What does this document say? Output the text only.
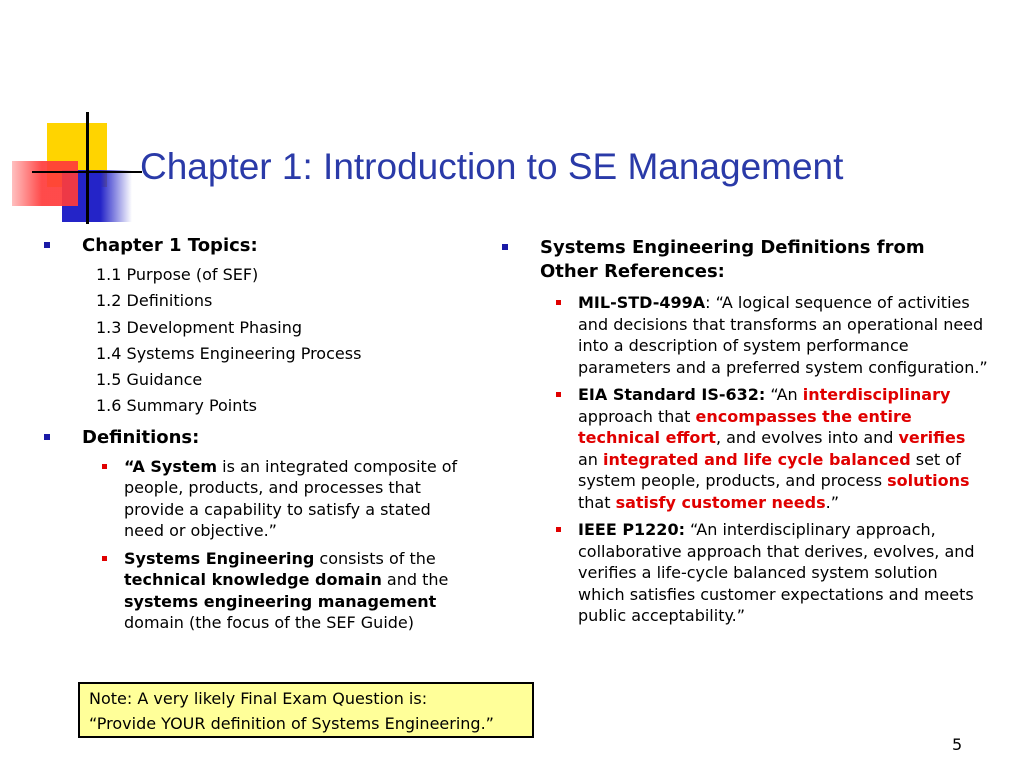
Chapter 1: Introduction to SE Management
Chapter 1 Topics:
1.1 Purpose (of SEF)
1.2 Definitions
1.3 Development Phasing
1.4 Systems Engineering Process
1.5 Guidance
1.6 Summary Points
Definitions:
“A System is an integrated composite of people, products, and processes that provide a capability to satisfy a stated need or objective.”
Systems Engineering consists of the technical knowledge domain and the systems engineering management domain (the focus of the SEF Guide)
Systems Engineering Definitions from Other References:
MIL-STD-499A: “A logical sequence of activities and decisions that transforms an operational need into a description of system performance parameters and a preferred system configuration.”
EIA Standard IS-632: “An interdisciplinary approach that encompasses the entire technical effort, and evolves into and verifies an integrated and life cycle balanced set of system people, products, and process solutions that satisfy customer needs.”
IEEE P1220: “An interdisciplinary approach, collaborative approach that derives, evolves, and verifies a life-cycle balanced system solution which satisfies customer expectations and meets public acceptability.”
Note: A very likely Final Exam Question is:
“Provide YOUR definition of Systems Engineering.”
5
